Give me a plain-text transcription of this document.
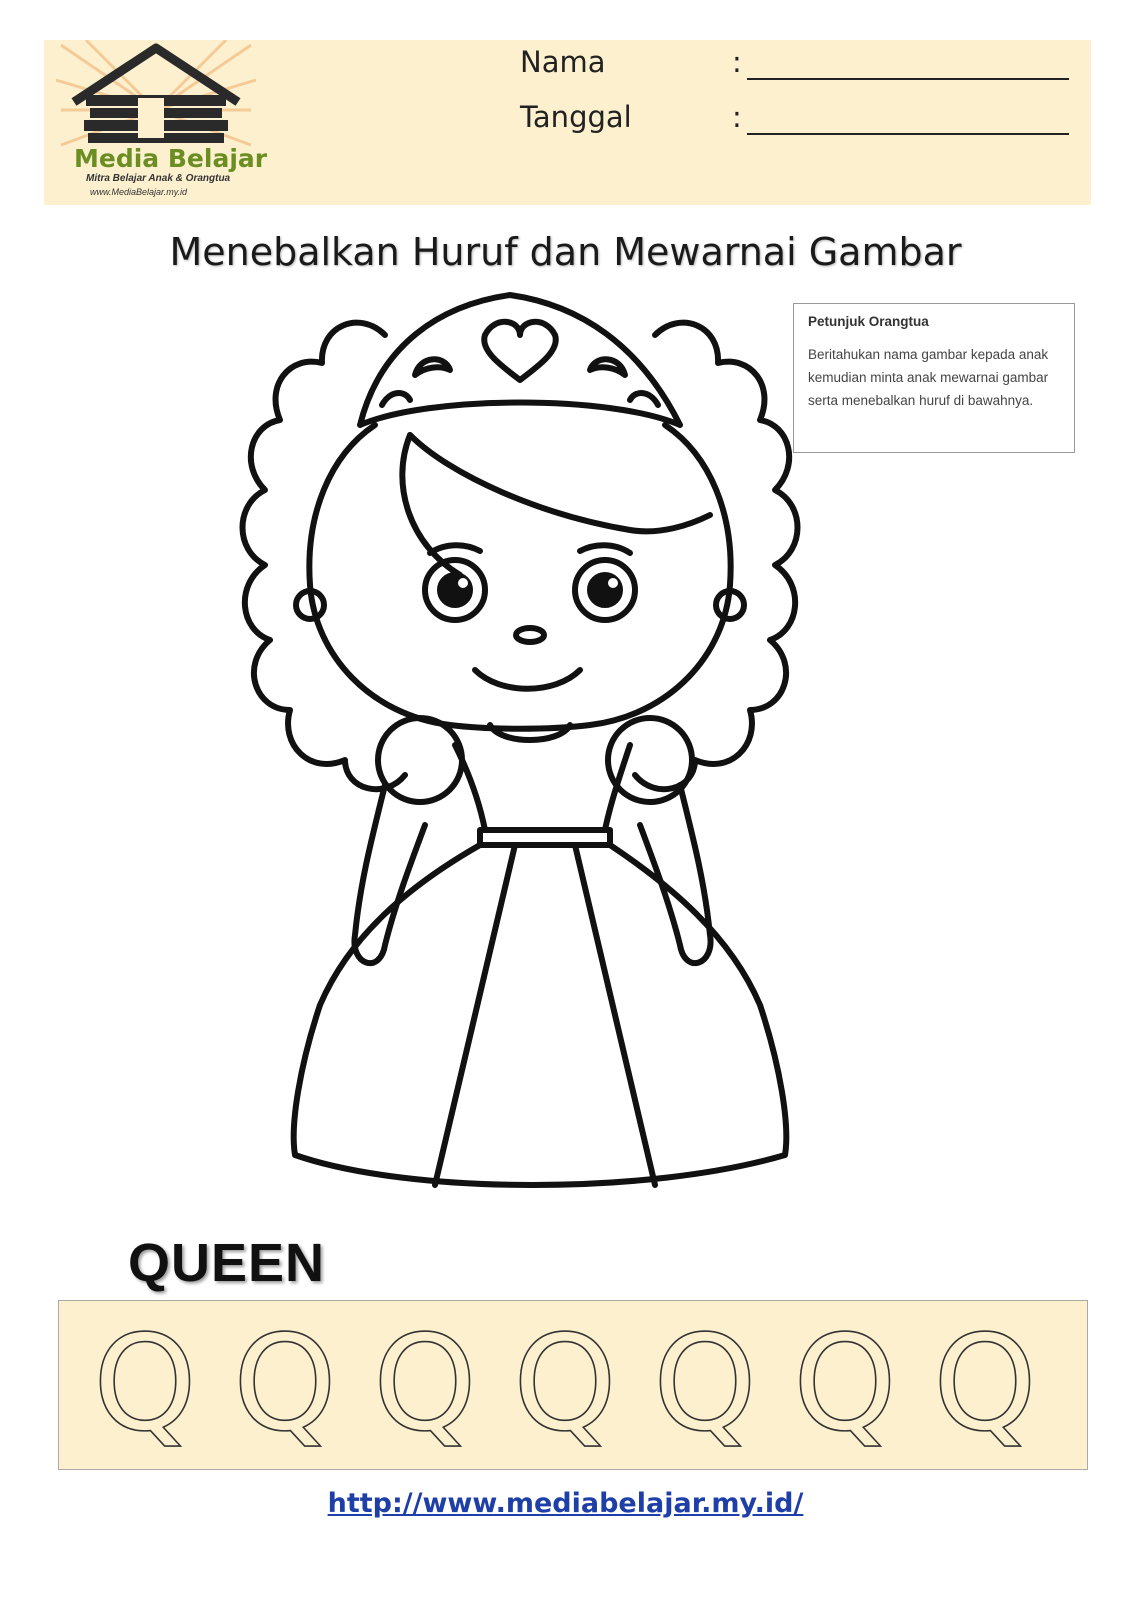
Media Belajar
Mitra Belajar Anak & Orangtua
www.MediaBelajar.my.id
Nama	:
Tanggal	:
Menebalkan Huruf dan Mewarnai Gambar
Petunjuk Orangtua
Beritahukan nama gambar kepada anak kemudian minta anak mewarnai gambar serta menebalkan huruf di bawahnya.
QUEEN
Q Q Q Q Q Q Q
http://www.mediabelajar.my.id/
